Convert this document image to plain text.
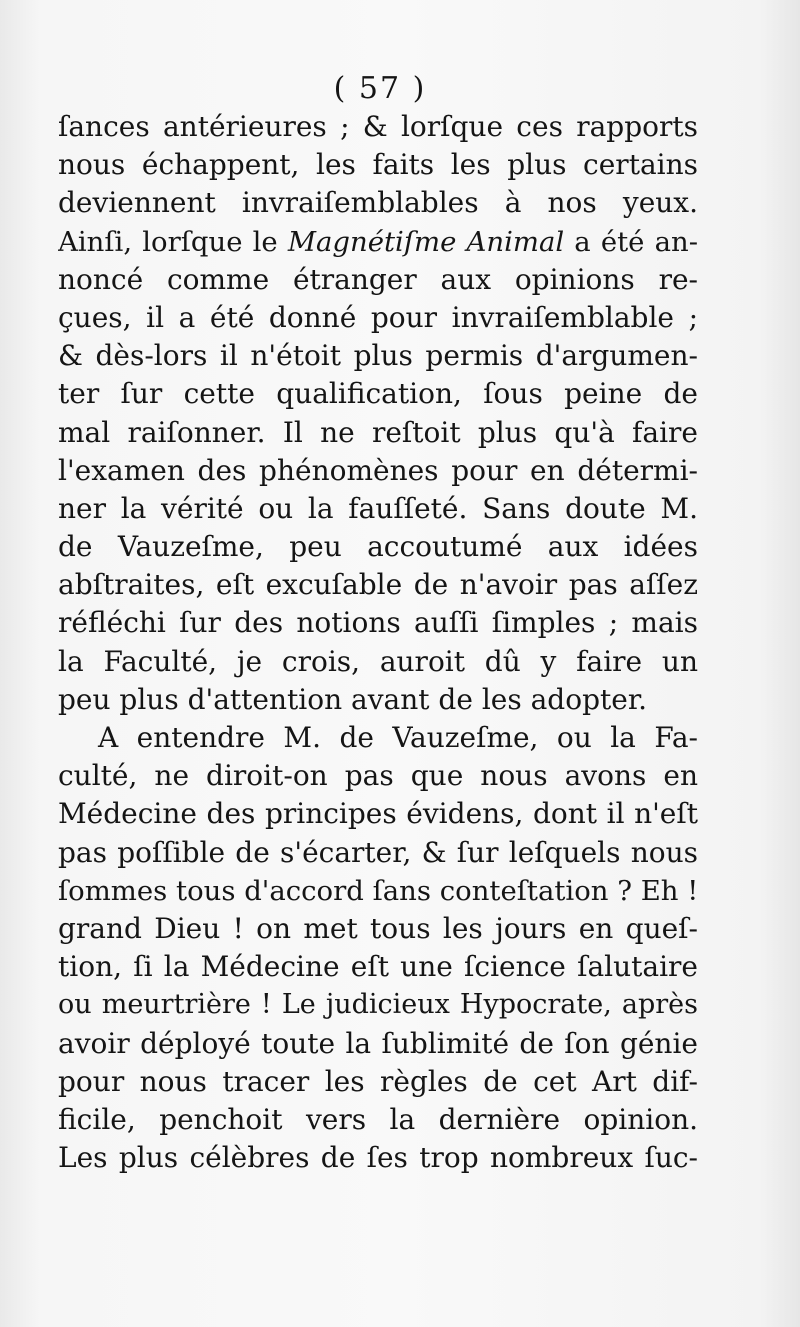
( 57 )
ſances antérieures ; & lorſque ces rapports
nous échappent, les faits les plus certains
deviennent invraiſemblables à nos yeux.
Ainſi, lorſque le Magnétiſme Animal a été an-
noncé comme étranger aux opinions re-
çues, il a été donné pour invraiſemblable ;
& dès-lors il n'étoit plus permis d'argumen-
ter ſur cette qualification, ſous peine de
mal raiſonner. Il ne reſtoit plus qu'à faire
l'examen des phénomènes pour en détermi-
ner la vérité ou la fauſſeté. Sans doute M.
de Vauzeſme, peu accoutumé aux idées
abſtraites, eſt excuſable de n'avoir pas aſſez
réfléchi ſur des notions auſſi ſimples ; mais
la Faculté, je crois, auroit dû y faire un
peu plus d'attention avant de les adopter.
A entendre M. de Vauzeſme, ou la Fa-
culté, ne diroit-on pas que nous avons en
Médecine des principes évidens, dont il n'eſt
pas poſſible de s'écarter, & ſur leſquels nous
ſommes tous d'accord ſans conteſtation ? Eh !
grand Dieu ! on met tous les jours en queſ-
tion, ſi la Médecine eſt une ſcience ſalutaire
ou meurtrière ! Le judicieux Hypocrate, après
avoir déployé toute la ſublimité de ſon génie
pour nous tracer les règles de cet Art dif-
ficile, penchoit vers la dernière opinion.
Les plus célèbres de ſes trop nombreux ſuc-
